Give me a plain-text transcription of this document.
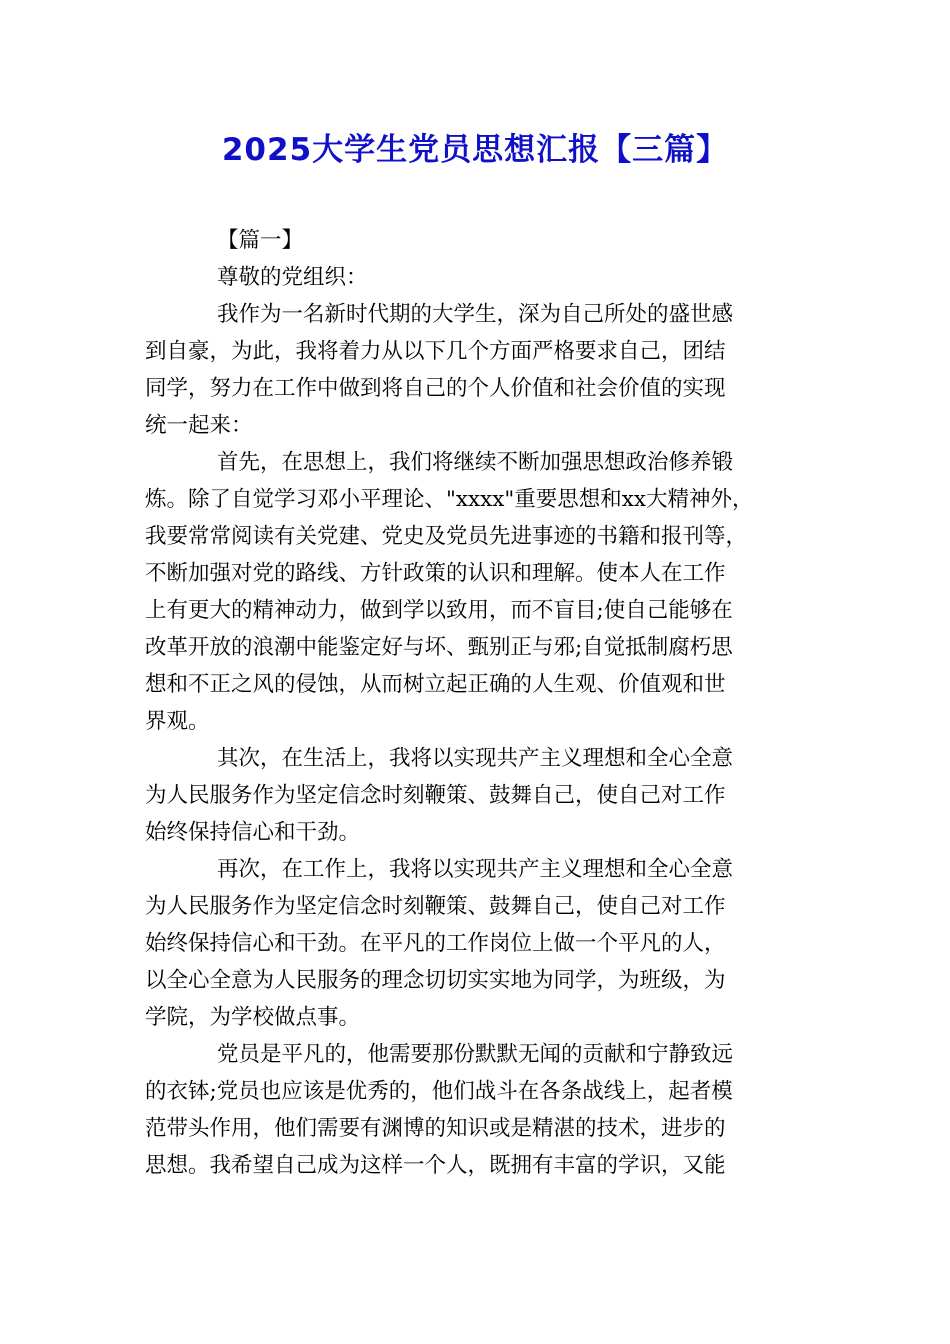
2025大学生党员思想汇报【三篇】
【篇一】
尊敬的党组织：
我作为一名新时代期的大学生，深为自己所处的盛世感
到自豪，为此，我将着力从以下几个方面严格要求自己，团结
同学，努力在工作中做到将自己的个人价值和社会价值的实现
统一起来：
首先，在思想上，我们将继续不断加强思想政治修养锻
炼。除了自觉学习邓小平理论、"xxxx"重要思想和xx大精神外，
我要常常阅读有关党建、党史及党员先进事迹的书籍和报刊等，
不断加强对党的路线、方针政策的认识和理解。使本人在工作
上有更大的精神动力，做到学以致用，而不盲目;使自己能够在
改革开放的浪潮中能鉴定好与坏、甄别正与邪;自觉抵制腐朽思
想和不正之风的侵蚀，从而树立起正确的人生观、价值观和世
界观。
其次，在生活上，我将以实现共产主义理想和全心全意
为人民服务作为坚定信念时刻鞭策、鼓舞自己，使自己对工作
始终保持信心和干劲。
再次，在工作上，我将以实现共产主义理想和全心全意
为人民服务作为坚定信念时刻鞭策、鼓舞自己，使自己对工作
始终保持信心和干劲。在平凡的工作岗位上做一个平凡的人，
以全心全意为人民服务的理念切切实实地为同学，为班级，为
学院，为学校做点事。
党员是平凡的，他需要那份默默无闻的贡献和宁静致远
的衣钵;党员也应该是优秀的，他们战斗在各条战线上，起者模
范带头作用，他们需要有渊博的知识或是精湛的技术，进步的
思想。我希望自己成为这样一个人，既拥有丰富的学识，又能
